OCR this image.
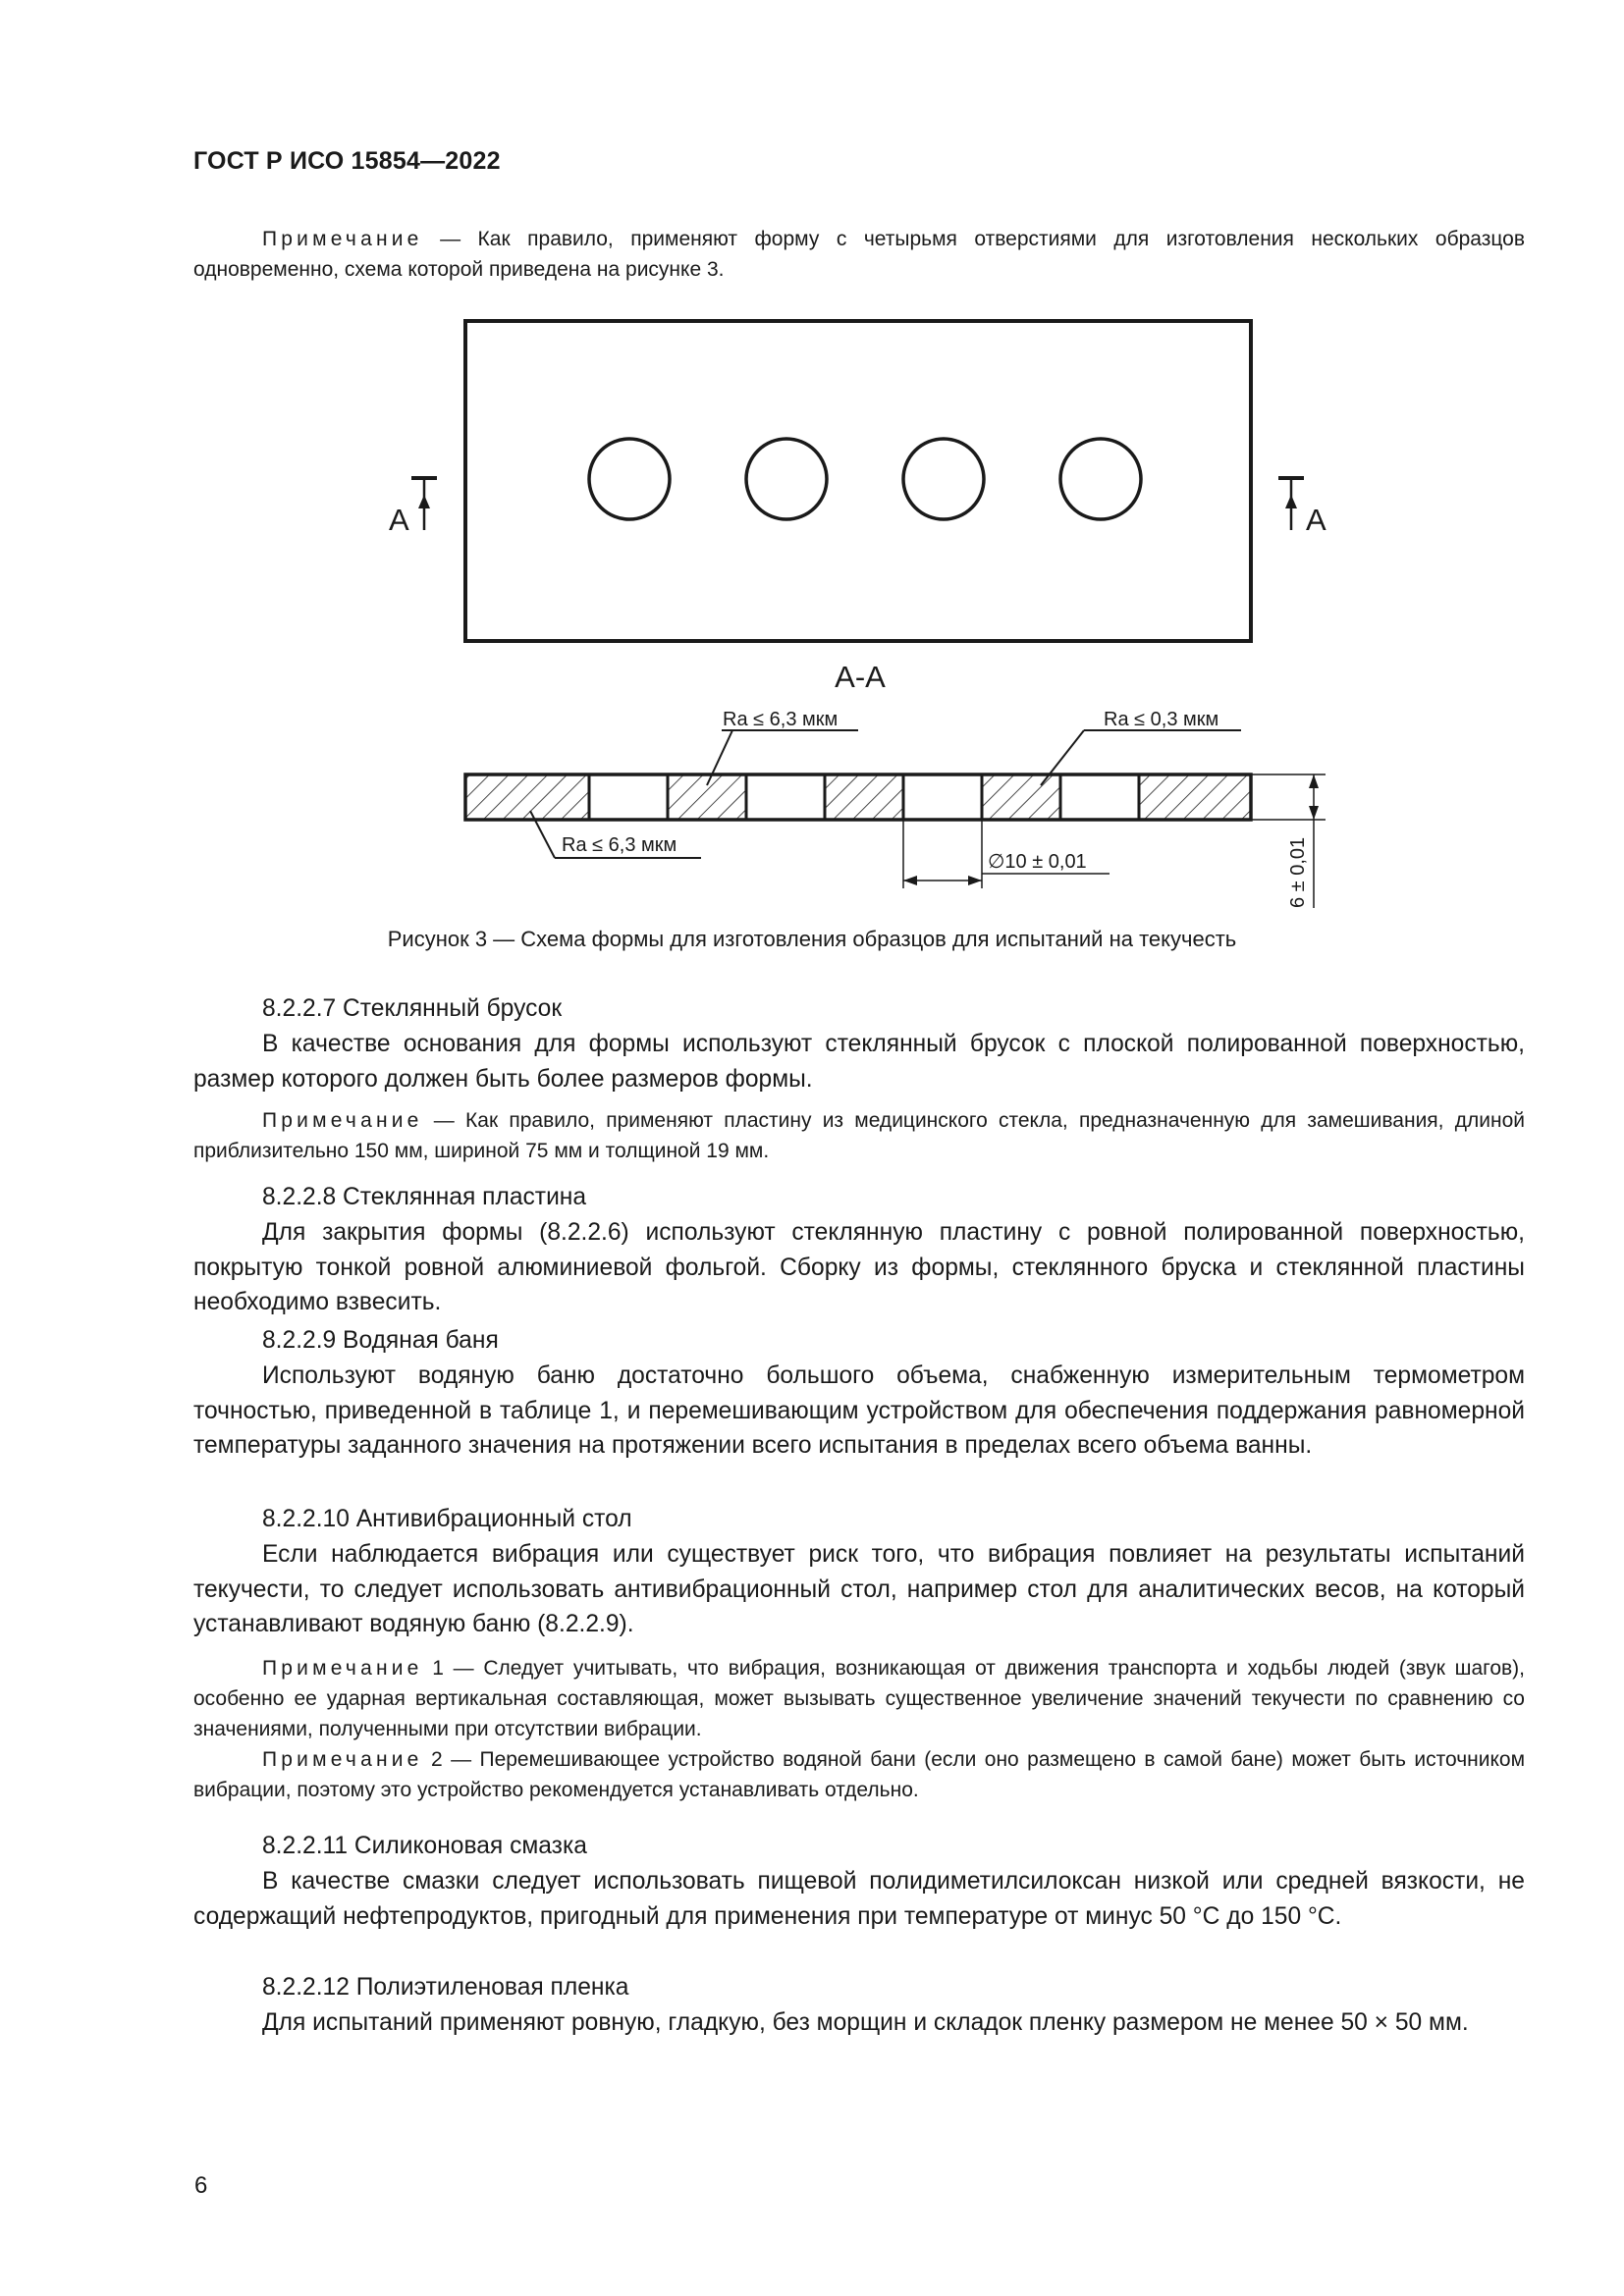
ГОСТ Р ИСО 15854—2022

Примечание — Как правило, применяют форму с четырьмя отверстиями для изготовления нескольких образцов одновременно, схема которой приведена на рисунке 3.

A	A
A-A
Ra ≤ 6,3 мкм	Ra ≤ 0,3 мкм
Ra ≤ 6,3 мкм
∅10 ± 0,01	6 ± 0,01
Рисунок 3 — Схема формы для изготовления образцов для испытаний на текучесть

8.2.2.7 Стеклянный брусок

В качестве основания для формы используют стеклянный брусок с плоской полированной поверхностью, размер которого должен быть более размеров формы.

Примечание — Как правило, применяют пластину из медицинского стекла, предназначенную для замешивания, длиной приблизительно 150 мм, шириной 75 мм и толщиной 19 мм.

8.2.2.8 Стеклянная пластина

Для закрытия формы (8.2.2.6) используют стеклянную пластину с ровной полированной поверхностью, покрытую тонкой ровной алюминиевой фольгой. Сборку из формы, стеклянного бруска и стеклянной пластины необходимо взвесить.

8.2.2.9 Водяная баня

Используют водяную баню достаточно большого объема, снабженную измерительным термометром точностью, приведенной в таблице 1, и перемешивающим устройством для обеспечения поддержания равномерной температуры заданного значения на протяжении всего испытания в пределах всего объема ванны.

8.2.2.10 Антивибрационный стол

Если наблюдается вибрация или существует риск того, что вибрация повлияет на результаты испытаний текучести, то следует использовать антивибрационный стол, например стол для аналитических весов, на который устанавливают водяную баню (8.2.2.9).

Примечание 1 — Следует учитывать, что вибрация, возникающая от движения транспорта и ходьбы людей (звук шагов), особенно ее ударная вертикальная составляющая, может вызывать существенное увеличение значений текучести по сравнению со значениями, полученными при отсутствии вибрации.

Примечание 2 — Перемешивающее устройство водяной бани (если оно размещено в самой бане) может быть источником вибрации, поэтому это устройство рекомендуется устанавливать отдельно.

8.2.2.11 Силиконовая смазка

В качестве смазки следует использовать пищевой полидиметилсилоксан низкой или средней вязкости, не содержащий нефтепродуктов, пригодный для применения при температуре от минус 50 °С до 150 °С.

8.2.2.12 Полиэтиленовая пленка

Для испытаний применяют ровную, гладкую, без морщин и складок пленку размером не менее 50 × 50 мм.

6
